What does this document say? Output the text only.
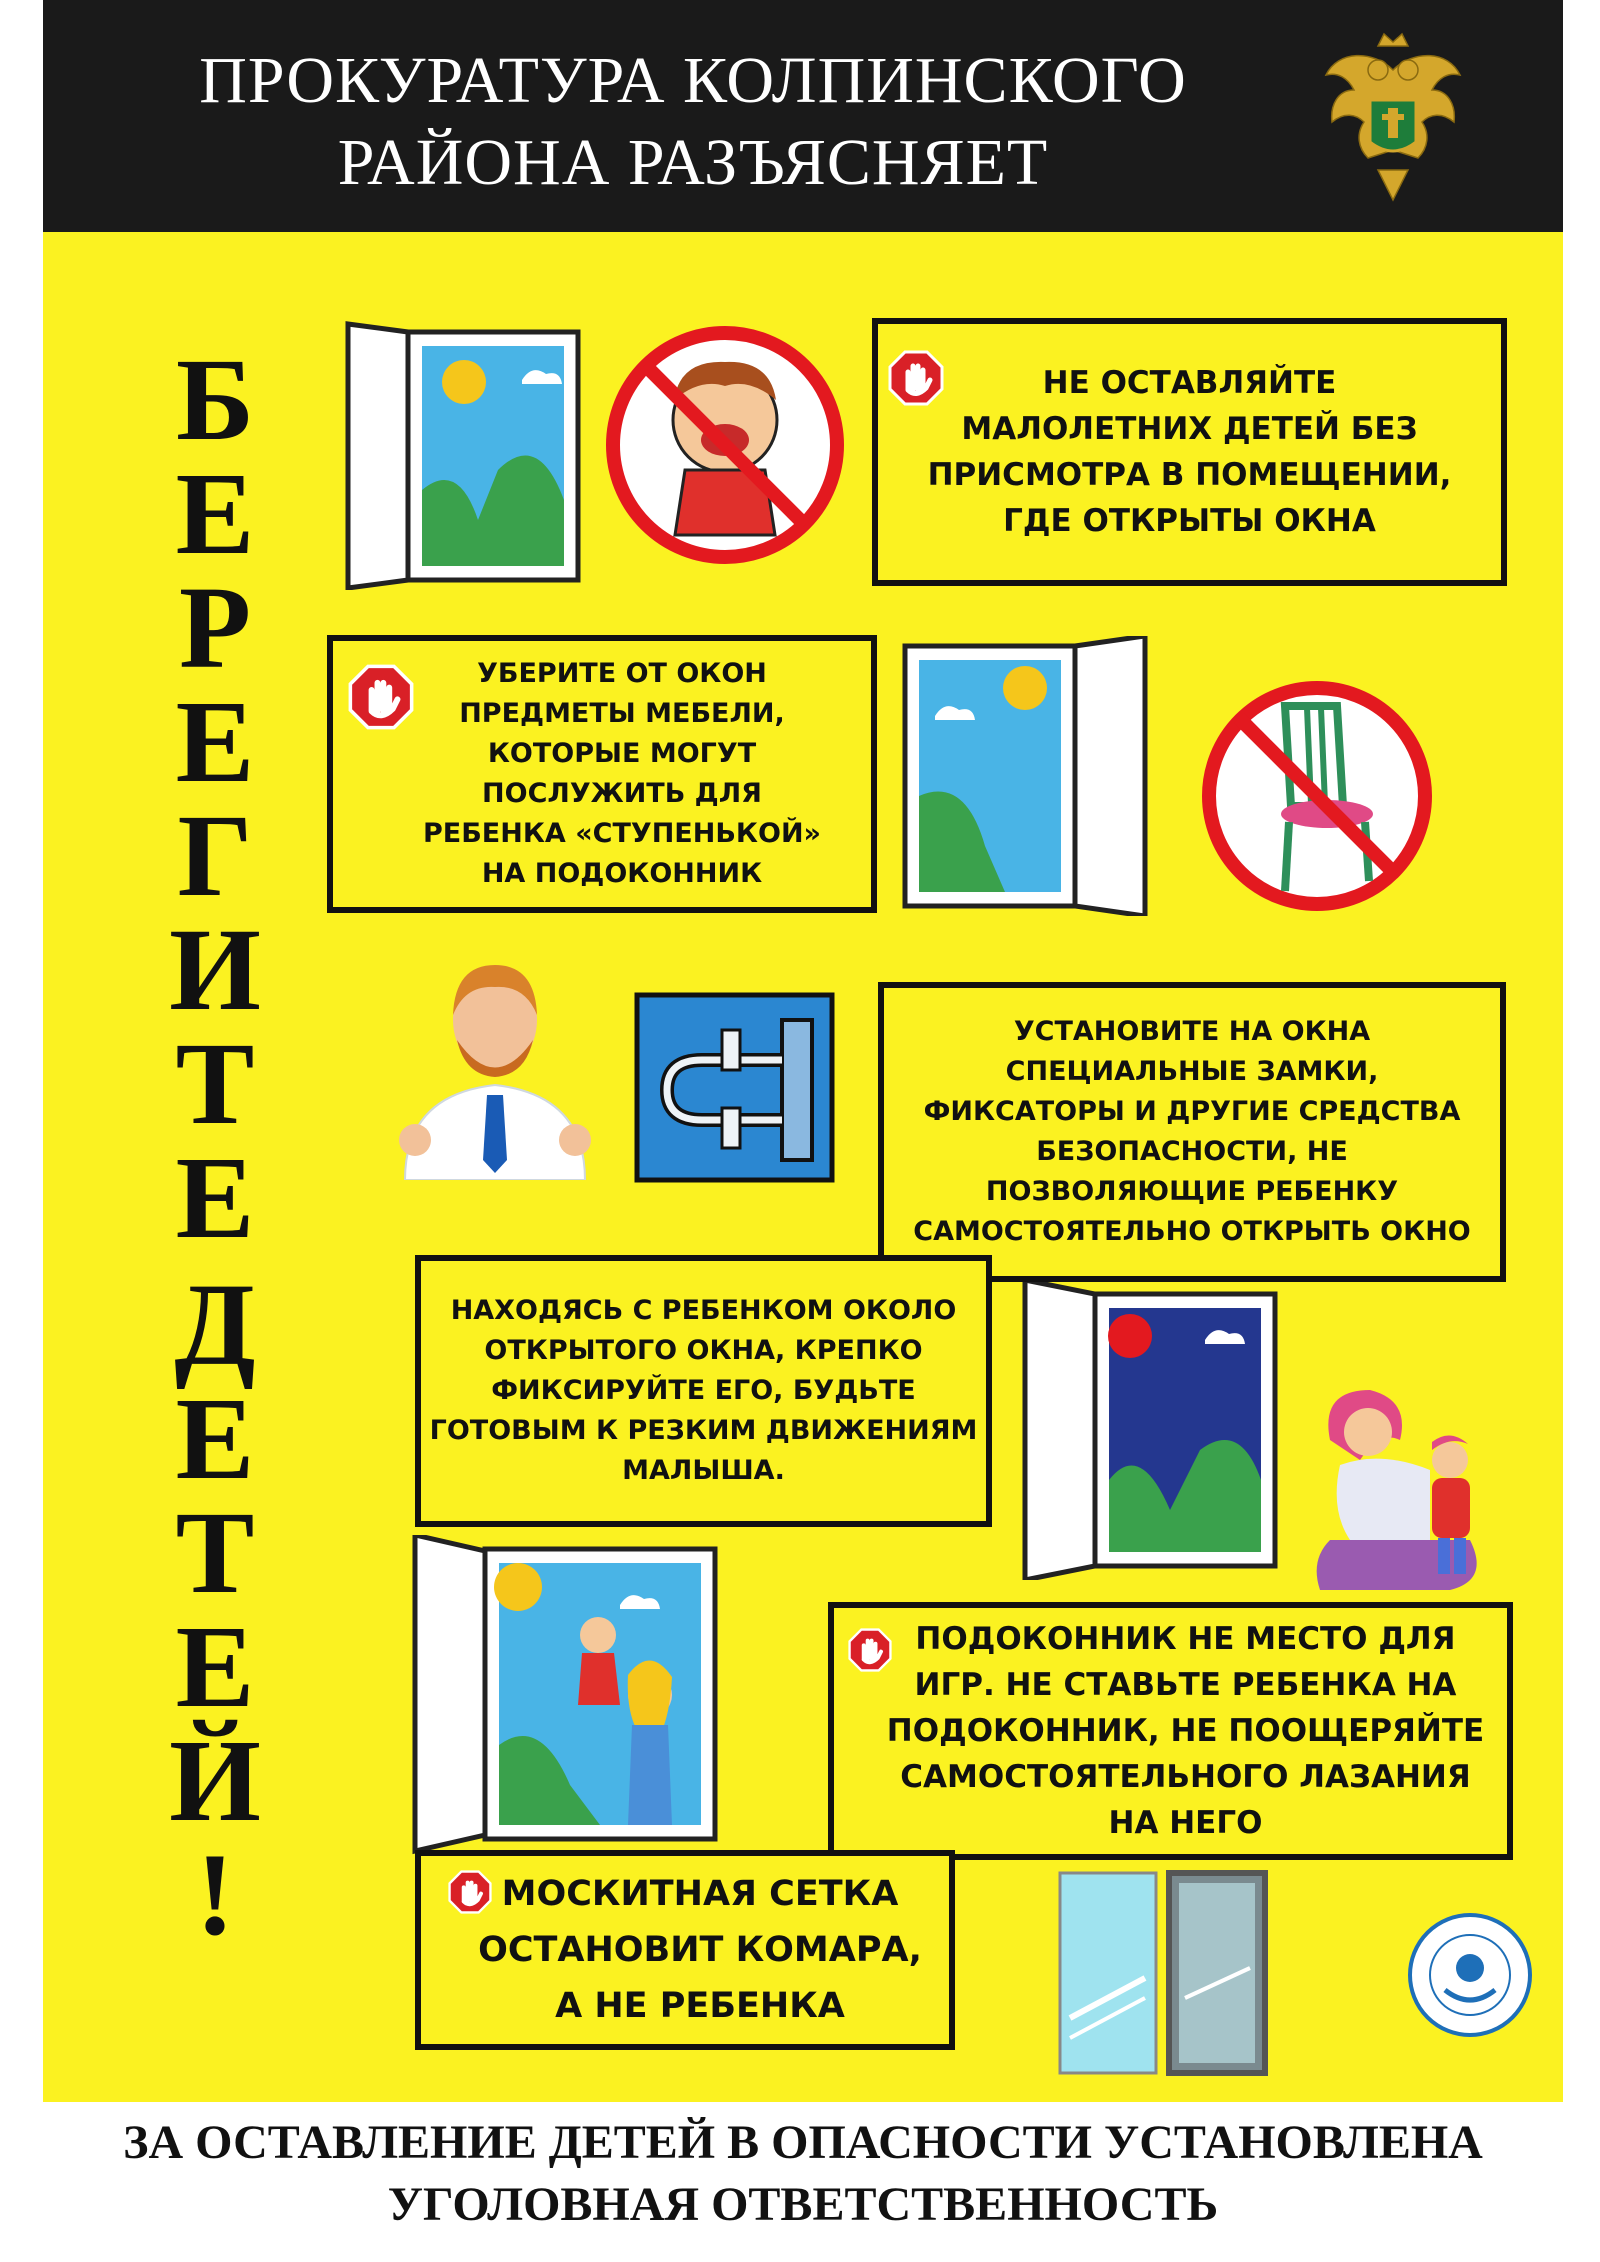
ПРОКУРАТУРА КОЛПИНСКОГО
РАЙОНА РАЗЪЯСНЯЕТ
Б
Е
Р
Е
Г
И
Т
Е
Д
Е
Т
Е
Й
!
НЕ ОСТАВЛЯЙТЕ
МАЛОЛЕТНИХ ДЕТЕЙ БЕЗ
ПРИСМОТРА В ПОМЕЩЕНИИ,
ГДЕ ОТКРЫТЫ ОКНА
УБЕРИТЕ ОТ ОКОН
ПРЕДМЕТЫ МЕБЕЛИ,
КОТОРЫЕ МОГУТ
ПОСЛУЖИТЬ ДЛЯ
РЕБЕНКА «СТУПЕНЬКОЙ»
НА ПОДОКОННИК
УСТАНОВИТЕ НА ОКНА
СПЕЦИАЛЬНЫЕ ЗАМКИ,
ФИКСАТОРЫ И ДРУГИЕ СРЕДСТВА
БЕЗОПАСНОСТИ, НЕ
ПОЗВОЛЯЮЩИЕ РЕБЕНКУ
САМОСТОЯТЕЛЬНО ОТКРЫТЬ ОКНО
НАХОДЯСЬ С РЕБЕНКОМ ОКОЛО
ОТКРЫТОГО ОКНА, КРЕПКО
ФИКСИРУЙТЕ ЕГО, БУДЬТЕ
ГОТОВЫМ К РЕЗКИМ ДВИЖЕНИЯМ
МАЛЫША.
ПОДОКОННИК НЕ МЕСТО ДЛЯ
ИГР. НЕ СТАВЬТЕ РЕБЕНКА НА
ПОДОКОННИК, НЕ ПООЩЕРЯЙТЕ
САМОСТОЯТЕЛЬНОГО ЛАЗАНИЯ
НА НЕГО
МОСКИТНАЯ СЕТКА
ОСТАНОВИТ КОМАРА,
А НЕ РЕБЕНКА
ЗА ОСТАВЛЕНИЕ ДЕТЕЙ В ОПАСНОСТИ УСТАНОВЛЕНА
УГОЛОВНАЯ ОТВЕТСТВЕННОСТЬ
